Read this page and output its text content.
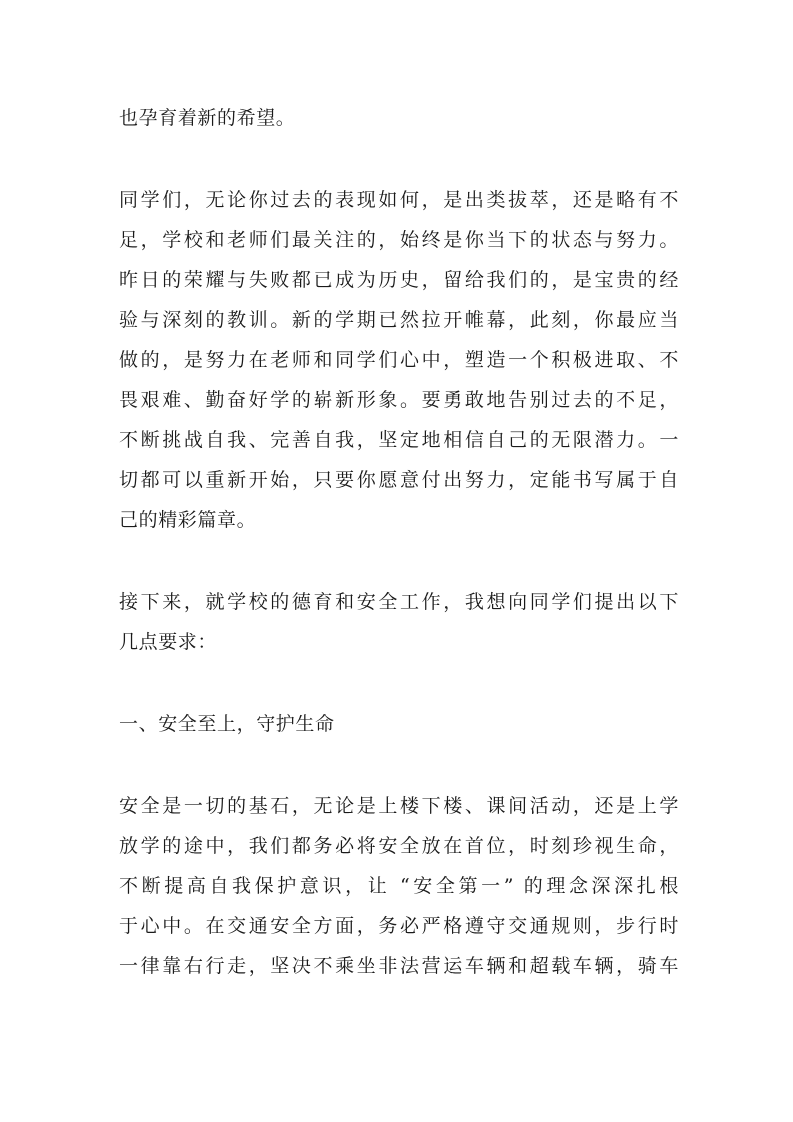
也孕育着新的希望。
同学们，无论你过去的表现如何，是出类拔萃，还是略有不
足，学校和老师们最关注的，始终是你当下的状态与努力。
昨日的荣耀与失败都已成为历史，留给我们的，是宝贵的经
验与深刻的教训。新的学期已然拉开帷幕，此刻，你最应当
做的，是努力在老师和同学们心中，塑造一个积极进取、不
畏艰难、勤奋好学的崭新形象。要勇敢地告别过去的不足，
不断挑战自我、完善自我，坚定地相信自己的无限潜力。一
切都可以重新开始，只要你愿意付出努力，定能书写属于自
己的精彩篇章。
接下来，就学校的德育和安全工作，我想向同学们提出以下
几点要求：
一、安全至上，守护生命
安全是一切的基石，无论是上楼下楼、课间活动，还是上学
放学的途中，我们都务必将安全放在首位，时刻珍视生命，
不断提高自我保护意识，让 “安全第一” 的理念深深扎根
于心中。在交通安全方面，务必严格遵守交通规则，步行时
一律靠右行走，坚决不乘坐非法营运车辆和超载车辆，骑车
